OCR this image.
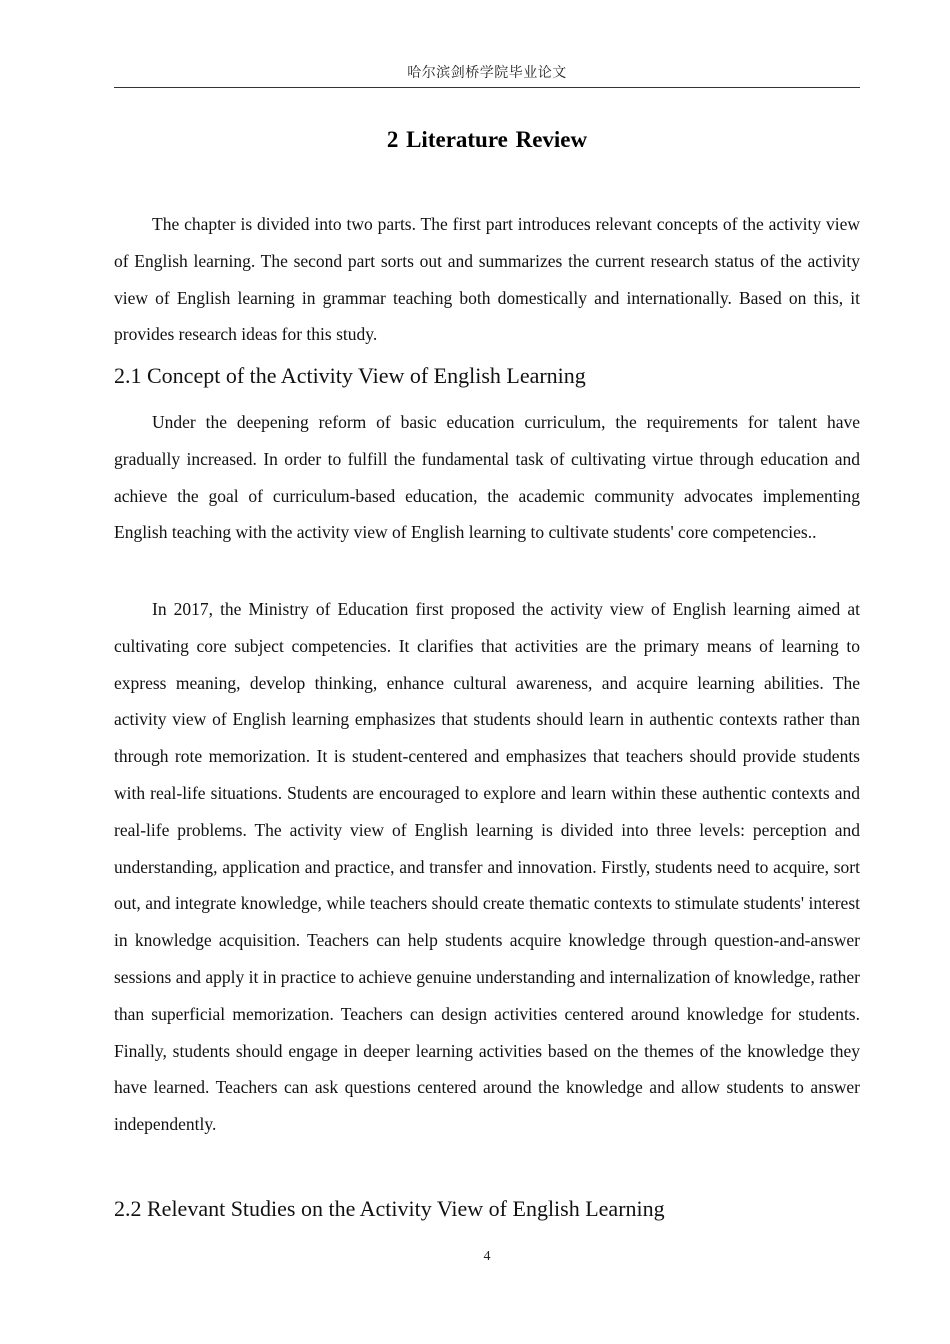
哈尔滨剑桥学院毕业论文
2 Literature Review

The chapter is divided into two parts. The first part introduces relevant concepts of the activity view of English learning. The second part sorts out and summarizes the current research status of the activity view of English learning in grammar teaching both domestically and internationally. Based on this, it provides research ideas for this study.

2.1 Concept of the Activity View of English Learning

Under the deepening reform of basic education curriculum, the requirements for talent have gradually increased. In order to fulfill the fundamental task of cultivating virtue through education and achieve the goal of curriculum-based education, the academic community advocates implementing English teaching with the activity view of English learning to cultivate students' core competencies..

In 2017, the Ministry of Education first proposed the activity view of English learning aimed at cultivating core subject competencies. It clarifies that activities are the primary means of learning to express meaning, develop thinking, enhance cultural awareness, and acquire learning abilities. The activity view of English learning emphasizes that students should learn in authentic contexts rather than through rote memorization. It is student-centered and emphasizes that teachers should provide students with real-life situations. Students are encouraged to explore and learn within these authentic contexts and real-life problems. The activity view of English learning is divided into three levels: perception and understanding, application and practice, and transfer and innovation. Firstly, students need to acquire, sort out, and integrate knowledge, while teachers should create thematic contexts to stimulate students' interest in knowledge acquisition. Teachers can help students acquire knowledge through question-and-answer sessions and apply it in practice to achieve genuine understanding and internalization of knowledge, rather than superficial memorization. Teachers can design activities centered around knowledge for students. Finally, students should engage in deeper learning activities based on the themes of the knowledge they have learned. Teachers can ask questions centered around the knowledge and allow students to answer independently.

2.2 Relevant Studies on the Activity View of English Learning
4
